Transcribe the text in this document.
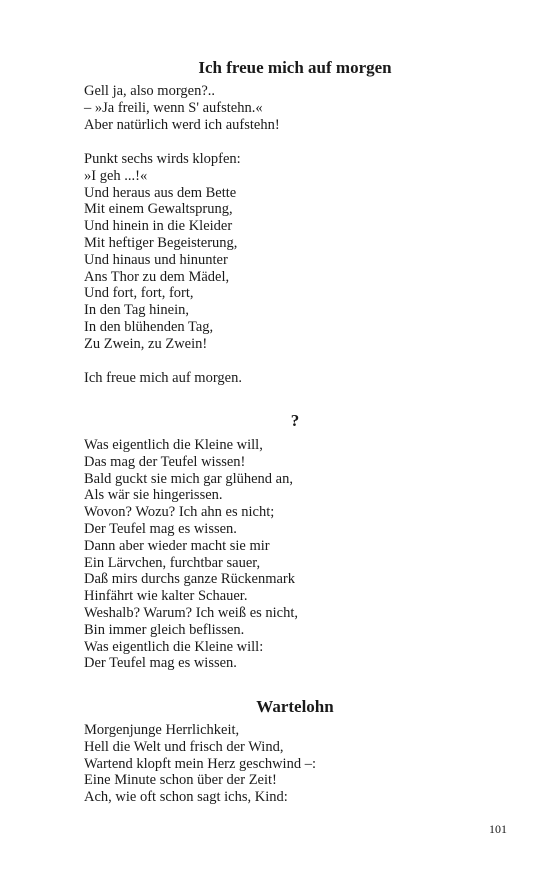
Ich freue mich auf morgen
Gell ja, also morgen?..
– »Ja freili, wenn S' aufstehn.«
Aber natürlich werd ich aufstehn!
Punkt sechs wirds klopfen:
»I geh ...!«
Und heraus aus dem Bette
Mit einem Gewaltsprung,
Und hinein in die Kleider
Mit heftiger Begeisterung,
Und hinaus und hinunter
Ans Thor zu dem Mädel,
Und fort, fort, fort,
In den Tag hinein,
In den blühenden Tag,
Zu Zwein, zu Zwein!
Ich freue mich auf morgen.
?
Was eigentlich die Kleine will,
Das mag der Teufel wissen!
Bald guckt sie mich gar glühend an,
Als wär sie hingerissen.
Wovon? Wozu? Ich ahn es nicht;
Der Teufel mag es wissen.
Dann aber wieder macht sie mir
Ein Lärvchen, furchtbar sauer,
Daß mirs durchs ganze Rückenmark
Hinfährt wie kalter Schauer.
Weshalb? Warum? Ich weiß es nicht,
Bin immer gleich beflissen.
Was eigentlich die Kleine will:
Der Teufel mag es wissen.
Wartelohn
Morgenjunge Herrlichkeit,
Hell die Welt und frisch der Wind,
Wartend klopft mein Herz geschwind –:
Eine Minute schon über der Zeit!
Ach, wie oft schon sagt ichs, Kind:
101
